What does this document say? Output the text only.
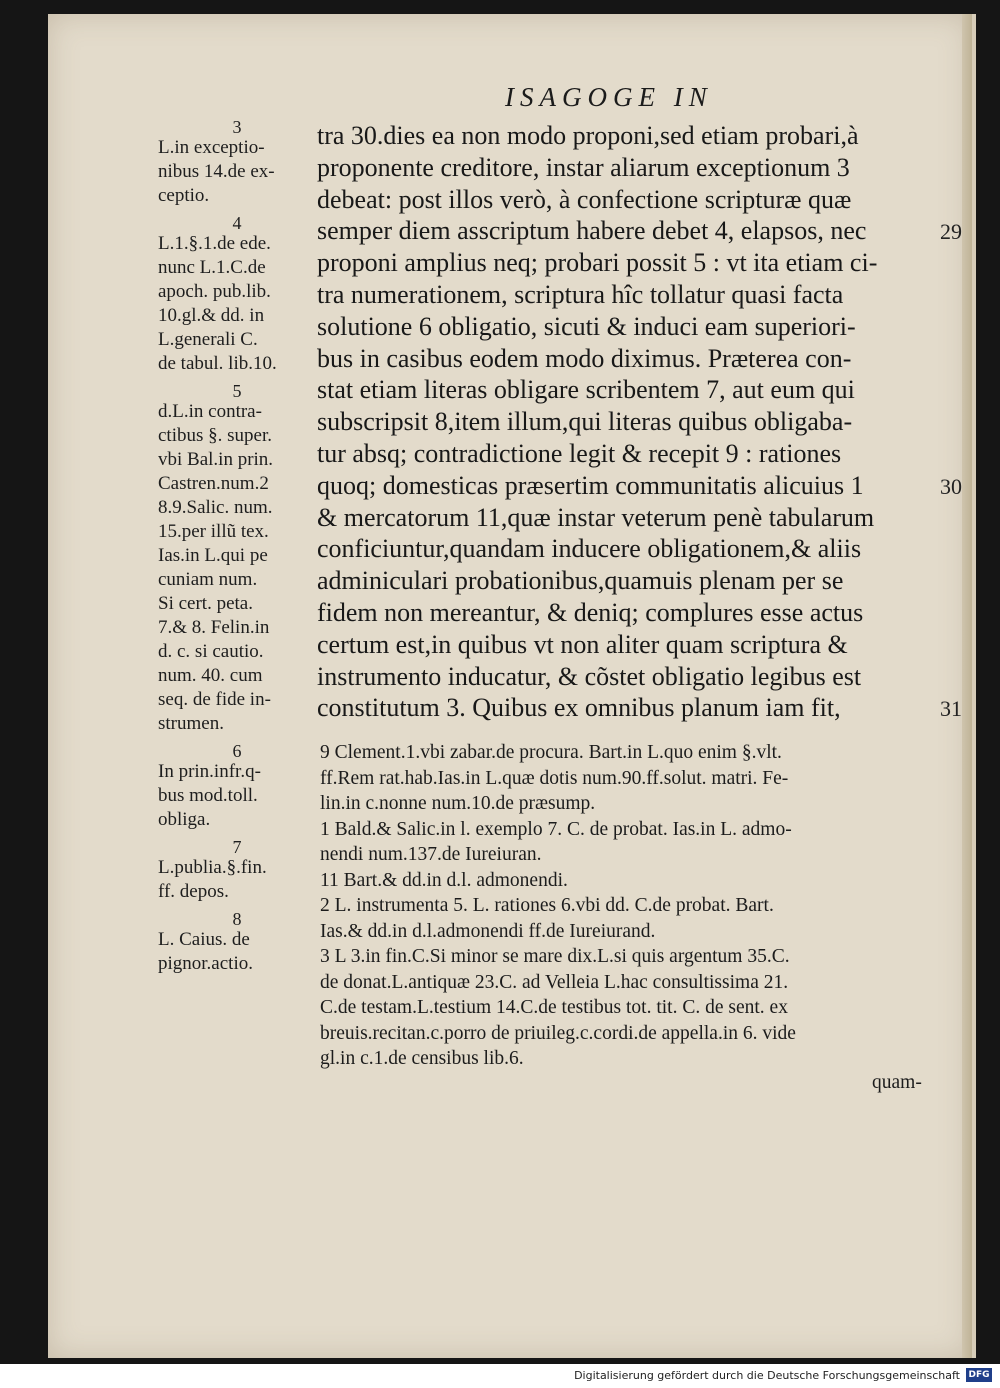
ISAGOGE IN
3
L.in exceptio-
nibus 14.de ex-
ceptio.
4
L.1.§.1.de ede.
nunc L.1.C.de
apoch. pub.lib.
10.gl.& dd. in
L.generali C.
de tabul. lib.10.
5
d.L.in contra-
ctibus §. super.
vbi Bal.in prin.
Castren.num.2
8.9.Salic. num.
15.per illũ tex.
Ias.in L.qui pe
cuniam num.
Si cert. peta.
7.& 8. Felin.in
d. c. si cautio.
num. 40. cum
seq. de fide in-
strumen.
6
In prin.infr.q-
bus mod.toll.
obliga.
7
L.publia.§.fin.
ff. depos.
8
L. Caius. de
pignor.actio.
tra 30.dies ea non modo proponi,sed etiam probari,à
proponente creditore, instar aliarum exceptionum 3
debeat: post illos verò, à confectione scripturæ quæ
semper diem asscriptum habere debet 4, elapsos, nec
proponi amplius neq; probari possit 5 : vt ita etiam ci-
tra numerationem, scriptura hîc tollatur quasi facta
solutione 6 obligatio, sicuti & induci eam superiori-
bus in casibus eodem modo diximus. Præterea con-
stat etiam literas obligare scribentem 7, aut eum qui
subscripsit 8,item illum,qui literas quibus obligaba-
tur absq; contradictione legit & recepit 9 : rationes
quoq; domesticas præsertim communitatis alicuius 1
& mercatorum 11,quæ instar veterum penè tabularum
conficiuntur,quandam inducere obligationem,& aliis
adminiculari probationibus,quamuis plenam per se
fidem non mereantur, & deniq; complures esse actus
certum est,in quibus vt non aliter quam scriptura &
instrumento inducatur, & cõstet obligatio legibus est
constitutum 3. Quibus ex omnibus planum iam fit,
29
30
31
9 Clement.1.vbi zabar.de procura. Bart.in L.quo enim §.vlt.
ff.Rem rat.hab.Ias.in L.quæ dotis num.90.ff.solut. matri. Fe-
lin.in c.nonne num.10.de præsump.
1 Bald.& Salic.in l. exemplo 7. C. de probat. Ias.in L. admo-
nendi num.137.de Iureiuran.
11 Bart.& dd.in d.l. admonendi.
2 L. instrumenta 5. L. rationes 6.vbi dd. C.de probat. Bart.
Ias.& dd.in d.l.admonendi ff.de Iureiurand.
3 L 3.in fin.C.Si minor se mare dix.L.si quis argentum 35.C.
de donat.L.antiquæ 23.C. ad Velleia L.hac consultissima 21.
C.de testam.L.testium 14.C.de testibus tot. tit. C. de sent. ex
breuis.recitan.c.porro de priuileg.c.cordi.de appella.in 6. vide
gl.in c.1.de censibus lib.6.
quam-
Digitalisierung gefördert durch die Deutsche Forschungsgemeinschaft DFG
